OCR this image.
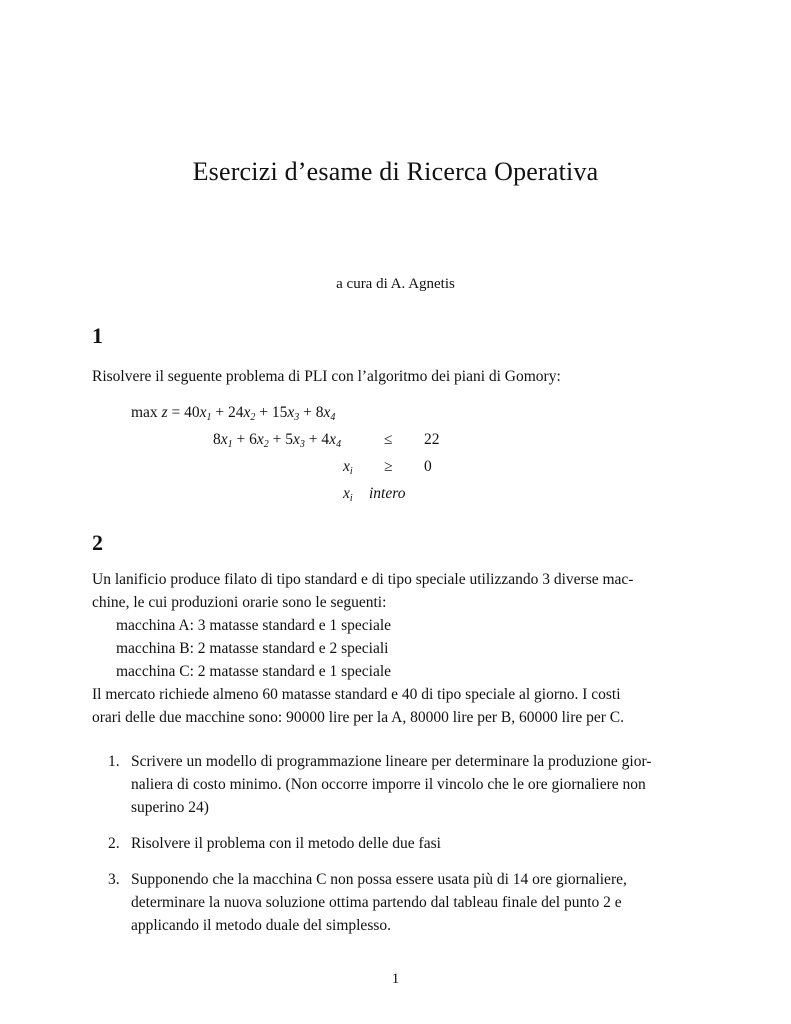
Esercizi d’esame di Ricerca Operativa
a cura di A. Agnetis
1
Risolvere il seguente problema di PLI con l’algoritmo dei piani di Gomory:
$\max z = 40x_1 + 24x_2 + 15x_3 + 8x_4$
$8x_1 + 6x_2 + 5x_3 + 4x_4$	≤ 22
$x_i \ge 0$
$x_i$ intero
2
Un lanificio produce filato di tipo standard e di tipo speciale utilizzando 3 diverse mac-
chine, le cui produzioni orarie sono le seguenti:
macchina A: 3 matasse standard e 1 speciale
macchina B: 2 matasse standard e 2 speciali
macchina C: 2 matasse standard e 1 speciale
Il mercato richiede almeno 60 matasse standard e 40 di tipo speciale al giorno. I costi
orari delle due macchine sono: 90000 lire per la A, 80000 lire per B, 60000 lire per C.
1. Scrivere un modello di programmazione lineare per determinare la produzione gior-
naliera di costo minimo. (Non occorre imporre il vincolo che le ore giornaliere non
superino 24)
2. Risolvere il problema con il metodo delle due fasi
3. Supponendo che la macchina C non possa essere usata più di 14 ore giornaliere,
determinare la nuova soluzione ottima partendo dal tableau finale del punto 2 e
applicando il metodo duale del simplesso.
1
